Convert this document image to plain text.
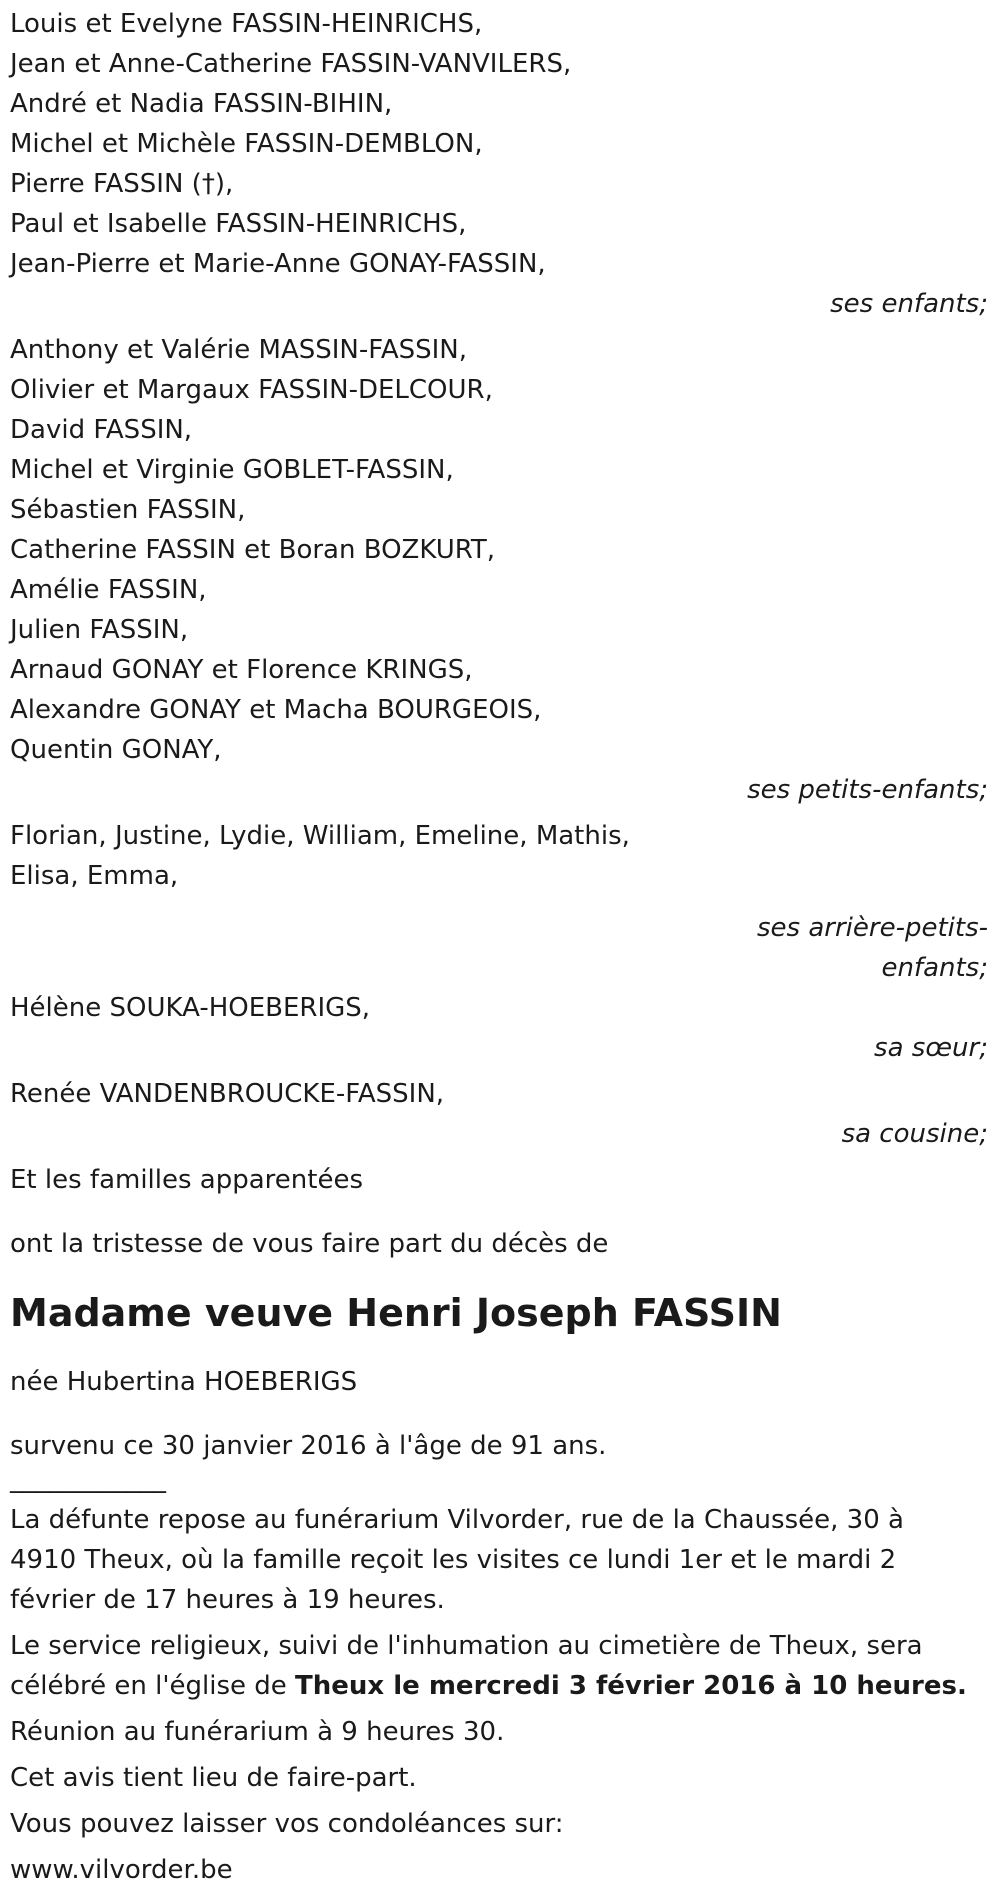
Louis et Evelyne FASSIN-HEINRICHS,
Jean et Anne-Catherine FASSIN-VANVILERS,
André et Nadia FASSIN-BIHIN,
Michel et Michèle FASSIN-DEMBLON,
Pierre FASSIN (†),
Paul et Isabelle FASSIN-HEINRICHS,
Jean-Pierre et Marie-Anne GONAY-FASSIN,
ses enfants;
Anthony et Valérie MASSIN-FASSIN,
Olivier et Margaux FASSIN-DELCOUR,
David FASSIN,
Michel et Virginie GOBLET-FASSIN,
Sébastien FASSIN,
Catherine FASSIN et Boran BOZKURT,
Amélie FASSIN,
Julien FASSIN,
Arnaud GONAY et Florence KRINGS,
Alexandre GONAY et Macha BOURGEOIS,
Quentin GONAY,
ses petits-enfants;
Florian, Justine, Lydie, William, Emeline, Mathis,
Elisa, Emma,
ses arrière-petits-
enfants;
Hélène SOUKA-HOEBERIGS,
sa sœur;
Renée VANDENBROUCKE-FASSIN,
sa cousine;
Et les familles apparentées
ont la tristesse de vous faire part du décès de
Madame veuve Henri Joseph FASSIN
née Hubertina HOEBERIGS
survenu ce 30 janvier 2016 à l'âge de 91 ans.
____________
La défunte repose au funérarium Vilvorder, rue de la Chaussée, 30 à 4910 Theux, où la famille reçoit les visites ce lundi 1er et le mardi 2 février de 17 heures à 19 heures.
Le service religieux, suivi de l'inhumation au cimetière de Theux, sera célébré en l'église de Theux le mercredi 3 février 2016 à 10 heures.
Réunion au funérarium à 9 heures 30.
Cet avis tient lieu de faire-part.
Vous pouvez laisser vos condoléances sur:
www.vilvorder.be
